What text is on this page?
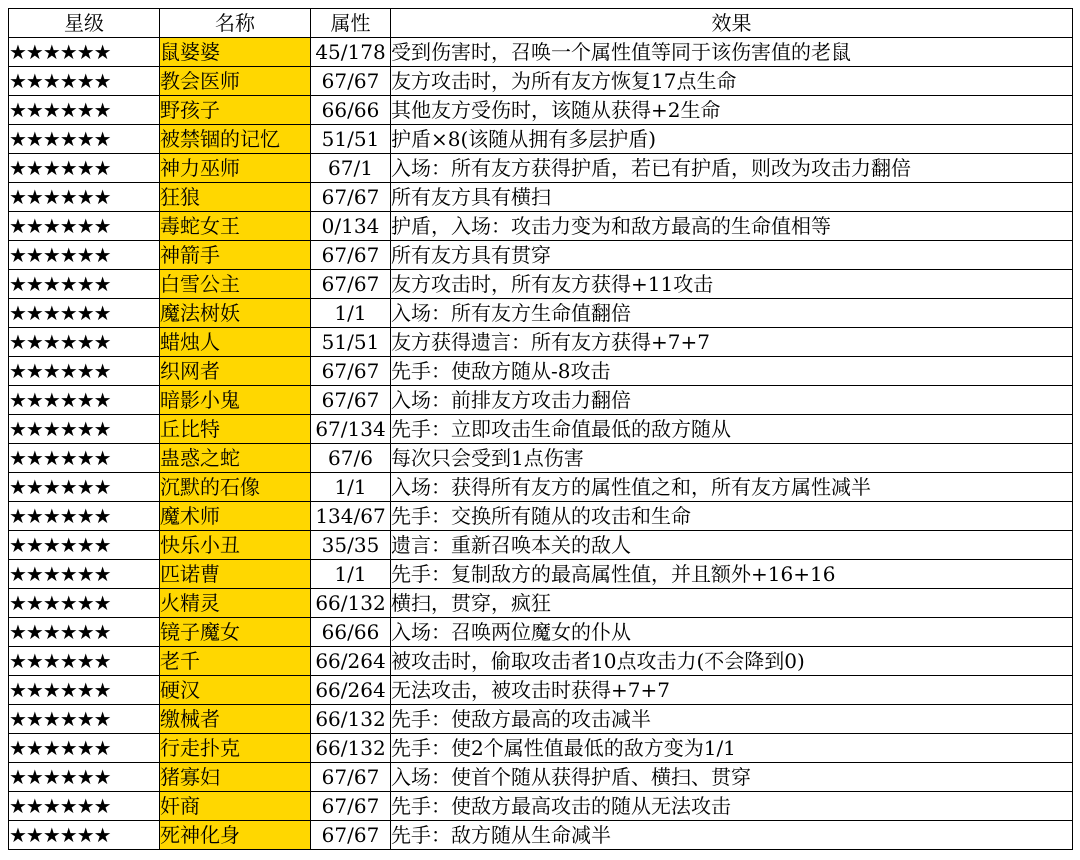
星级	名称	属性	效果
★★★★★★	鼠婆婆	45/178	受到伤害时，召唤一个属性值等同于该伤害值的老鼠
★★★★★★	教会医师	67/67	友方攻击时，为所有友方恢复17点生命
★★★★★★	野孩子	66/66	其他友方受伤时，该随从获得+2生命
★★★★★★	被禁锢的记忆	51/51	护盾×8(该随从拥有多层护盾)
★★★★★★	神力巫师	67/1	入场：所有友方获得护盾，若已有护盾，则改为攻击力翻倍
★★★★★★	狂狼	67/67	所有友方具有横扫
★★★★★★	毒蛇女王	0/134	护盾，入场：攻击力变为和敌方最高的生命值相等
★★★★★★	神箭手	67/67	所有友方具有贯穿
★★★★★★	白雪公主	67/67	友方攻击时，所有友方获得+11攻击
★★★★★★	魔法树妖	1/1	入场：所有友方生命值翻倍
★★★★★★	蜡烛人	51/51	友方获得遗言：所有友方获得+7+7
★★★★★★	织网者	67/67	先手：使敌方随从-8攻击
★★★★★★	暗影小鬼	67/67	入场：前排友方攻击力翻倍
★★★★★★	丘比特	67/134	先手：立即攻击生命值最低的敌方随从
★★★★★★	蛊惑之蛇	67/6	每次只会受到1点伤害
★★★★★★	沉默的石像	1/1	入场：获得所有友方的属性值之和，所有友方属性减半
★★★★★★	魔术师	134/67	先手：交换所有随从的攻击和生命
★★★★★★	快乐小丑	35/35	遗言：重新召唤本关的敌人
★★★★★★	匹诺曹	1/1	先手：复制敌方的最高属性值，并且额外+16+16
★★★★★★	火精灵	66/132	横扫，贯穿，疯狂
★★★★★★	镜子魔女	66/66	入场：召唤两位魔女的仆从
★★★★★★	老千	66/264	被攻击时，偷取攻击者10点攻击力(不会降到0)
★★★★★★	硬汉	66/264	无法攻击，被攻击时获得+7+7
★★★★★★	缴械者	66/132	先手：使敌方最高的攻击减半
★★★★★★	行走扑克	66/132	先手：使2个属性值最低的敌方变为1/1
★★★★★★	猪寡妇	67/67	入场：使首个随从获得护盾、横扫、贯穿
★★★★★★	奸商	67/67	先手：使敌方最高攻击的随从无法攻击
★★★★★★	死神化身	67/67	先手：敌方随从生命减半
